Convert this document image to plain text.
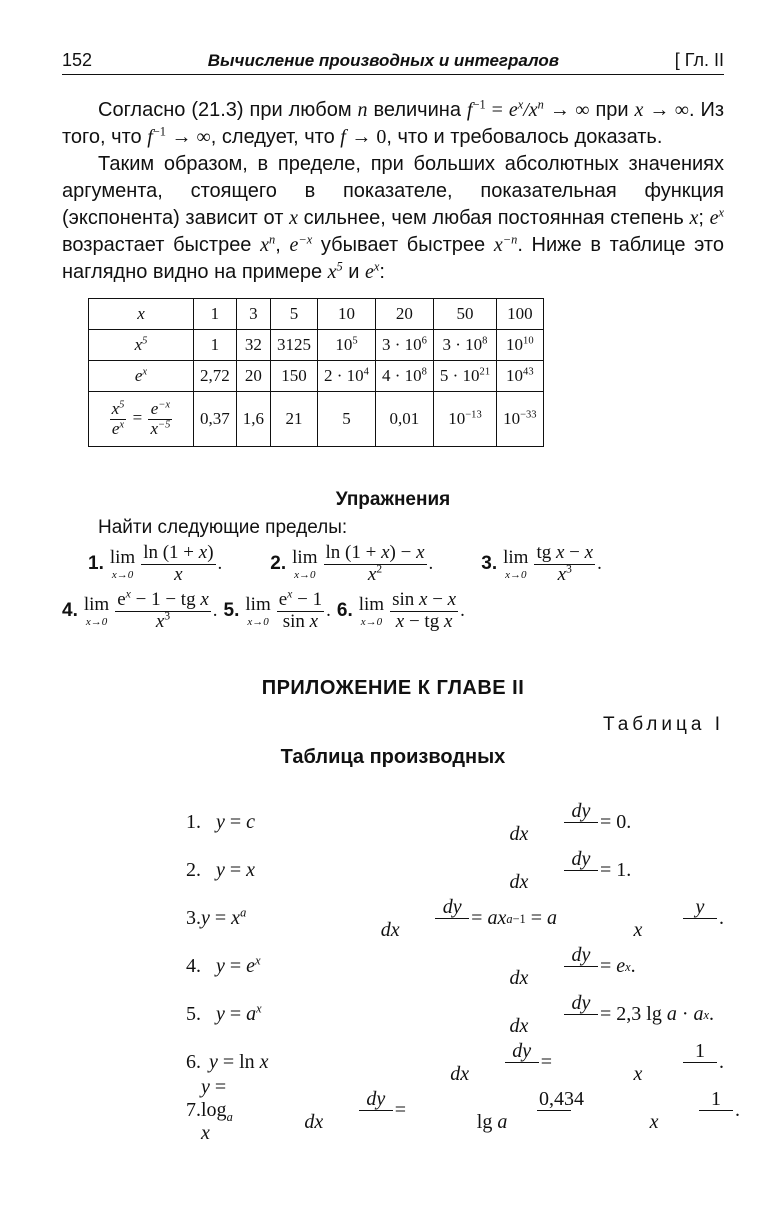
152	Вычисление производных и интегралов	[ Гл. II

Согласно (21.3) при любом n величина $f^{-1} = e^x/x^n$ → ∞ при x → ∞. Из того, что $f^{-1}$ → ∞, следует, что f → 0, что и требовалось доказать.

Таким образом, в пределе, при больших абсолютных значениях аргумента, стоящего в показателе, показательная функция (экспонента) зависит от x сильнее, чем любая постоянная степень x; $e^x$ возрастает быстрее $x^n$, $e^{-x}$ убывает быстрее $x^{-n}$. Ниже в таблице это наглядно видно на примере $x^5$ и $e^x$:

x	1	3	5	10	20	50	100
$x^5$	1	32	3125	$10^5$	$3 \cdot 10^6$	$3 \cdot 10^8$	$10^{10}$
$e^x$	2,72	20	150	$2 \cdot 10^4$	$4 \cdot 10^8$	$5 \cdot 10^{21}$	$10^{43}$

$\frac{x^5}{e^x} = \frac{e^{-x}}{x^{-5}}$	0,37	1,6	21	5	0,01	$10^{-13}$	$10^{-33}$
Упражнения
Найти следующие пределы:
1. lim
$x\to 0 \frac{\ln (1 + x)}{x}$ .	2. lim
$x\to 0 \frac{\ln (1 + x) - x}{x^2}$ .	3. lim
$x\to 0 \frac{\text{tg x − x}}{x^3}$ .
4. lim
$x\to 0 \frac{e^x - 1 - tg x}{x^3}$ . 5. lim
$x\to 0 \frac{e^x - 1}{\text{sin x}}$ . 6. lim
$x\to 0 \frac{\text{sin x − x}}{\text{x − tg x}}$ .
ПРИЛОЖЕНИЕ К ГЛАВЕ II
Таблица I
Таблица производных
1. y = c	$\frac{dy}{dx} = 0$.
2. y = x	$\frac{dy}{dx} = 1$.
3. $y = x^a$	$\frac{dy}{dx}$ = ax a−1 = a $\frac{y}{x}$ .
4. $y = e^x$	$\frac{dy}{dx} = e$ x .
5. $y = a^x$	$\frac{dy}{dx} = 2,3$ lg a · a x .
6. y = ln x	$\frac{dy}{dx} = \frac{1}{x}$ .
7.
$y = \log_a x$	$\frac{dy}{dx} = \frac{0,434}{\text{lg a}} \frac{1}{x}$ .
